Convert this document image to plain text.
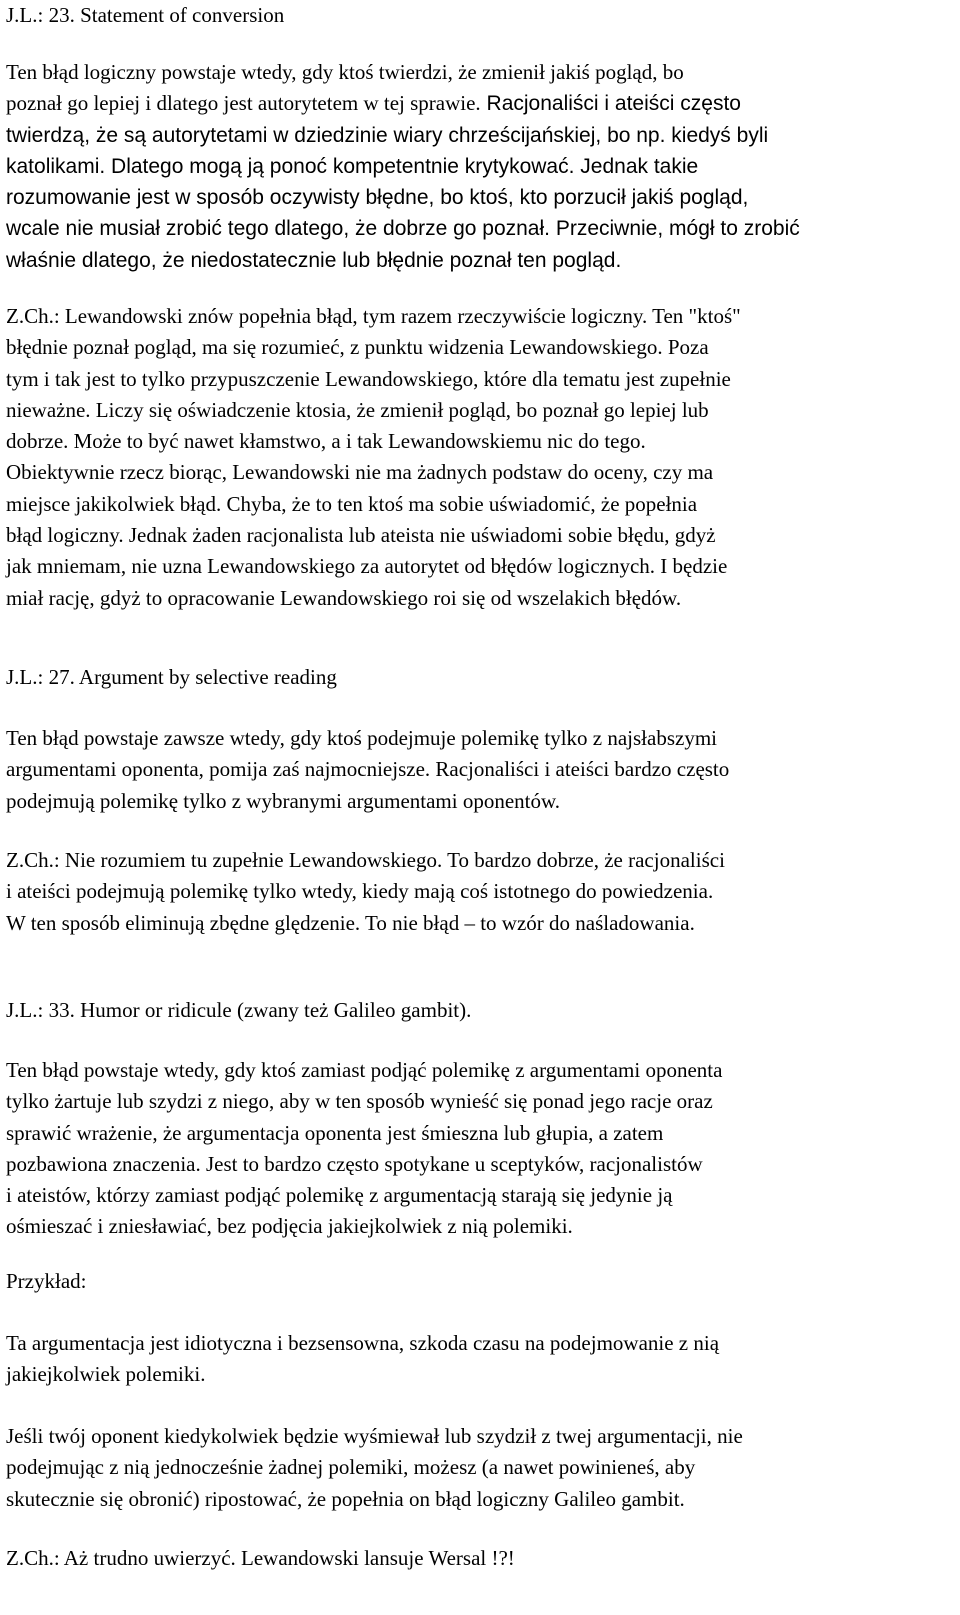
J.L.: 23. Statement of conversion
Ten błąd logiczny powstaje wtedy, gdy ktoś twierdzi, że zmienił jakiś pogląd, bo
poznał go lepiej i dlatego jest autorytetem w tej sprawie. Racjonaliści i ateiści często
twierdzą, że są autorytetami w dziedzinie wiary chrześcijańskiej, bo np. kiedyś byli
katolikami. Dlatego mogą ją ponoć kompetentnie krytykować. Jednak takie
rozumowanie jest w sposób oczywisty błędne, bo ktoś, kto porzucił jakiś pogląd,
wcale nie musiał zrobić tego dlatego, że dobrze go poznał. Przeciwnie, mógł to zrobić
właśnie dlatego, że niedostatecznie lub błędnie poznał ten pogląd.
Z.Ch.: Lewandowski znów popełnia błąd, tym razem rzeczywiście logiczny. Ten "ktoś"
błędnie poznał pogląd, ma się rozumieć, z punktu widzenia Lewandowskiego. Poza
tym i tak jest to tylko przypuszczenie Lewandowskiego, które dla tematu jest zupełnie
nieważne. Liczy się oświadczenie ktosia, że zmienił pogląd, bo poznał go lepiej lub
dobrze. Może to być nawet kłamstwo, a i tak Lewandowskiemu nic do tego.
Obiektywnie rzecz biorąc, Lewandowski nie ma żadnych podstaw do oceny, czy ma
miejsce jakikolwiek błąd. Chyba, że to ten ktoś ma sobie uświadomić, że popełnia
błąd logiczny. Jednak żaden racjonalista lub ateista nie uświadomi sobie błędu, gdyż
jak mniemam, nie uzna Lewandowskiego za autorytet od błędów logicznych. I będzie
miał rację, gdyż to opracowanie Lewandowskiego roi się od wszelakich błędów.
J.L.: 27. Argument by selective reading
Ten błąd powstaje zawsze wtedy, gdy ktoś podejmuje polemikę tylko z najsłabszymi
argumentami oponenta, pomija zaś najmocniejsze. Racjonaliści i ateiści bardzo często
podejmują polemikę tylko z wybranymi argumentami oponentów.
Z.Ch.: Nie rozumiem tu zupełnie Lewandowskiego. To bardzo dobrze, że racjonaliści
i ateiści podejmują polemikę tylko wtedy, kiedy mają coś istotnego do powiedzenia.
W ten sposób eliminują zbędne ględzenie. To nie błąd – to wzór do naśladowania.
J.L.: 33. Humor or ridicule (zwany też Galileo gambit).
Ten błąd powstaje wtedy, gdy ktoś zamiast podjąć polemikę z argumentami oponenta
tylko żartuje lub szydzi z niego, aby w ten sposób wynieść się ponad jego racje oraz
sprawić wrażenie, że argumentacja oponenta jest śmieszna lub głupia, a zatem
pozbawiona znaczenia. Jest to bardzo często spotykane u sceptyków, racjonalistów
i ateistów, którzy zamiast podjąć polemikę z argumentacją starają się jedynie ją
ośmieszać i zniesławiać, bez podjęcia jakiejkolwiek z nią polemiki.
Przykład:
Ta argumentacja jest idiotyczna i bezsensowna, szkoda czasu na podejmowanie z nią
jakiejkolwiek polemiki.
Jeśli twój oponent kiedykolwiek będzie wyśmiewał lub szydził z twej argumentacji, nie
podejmując z nią jednocześnie żadnej polemiki, możesz (a nawet powinieneś, aby
skutecznie się obronić) ripostować, że popełnia on błąd logiczny Galileo gambit.
Z.Ch.: Aż trudno uwierzyć. Lewandowski lansuje Wersal !?!
